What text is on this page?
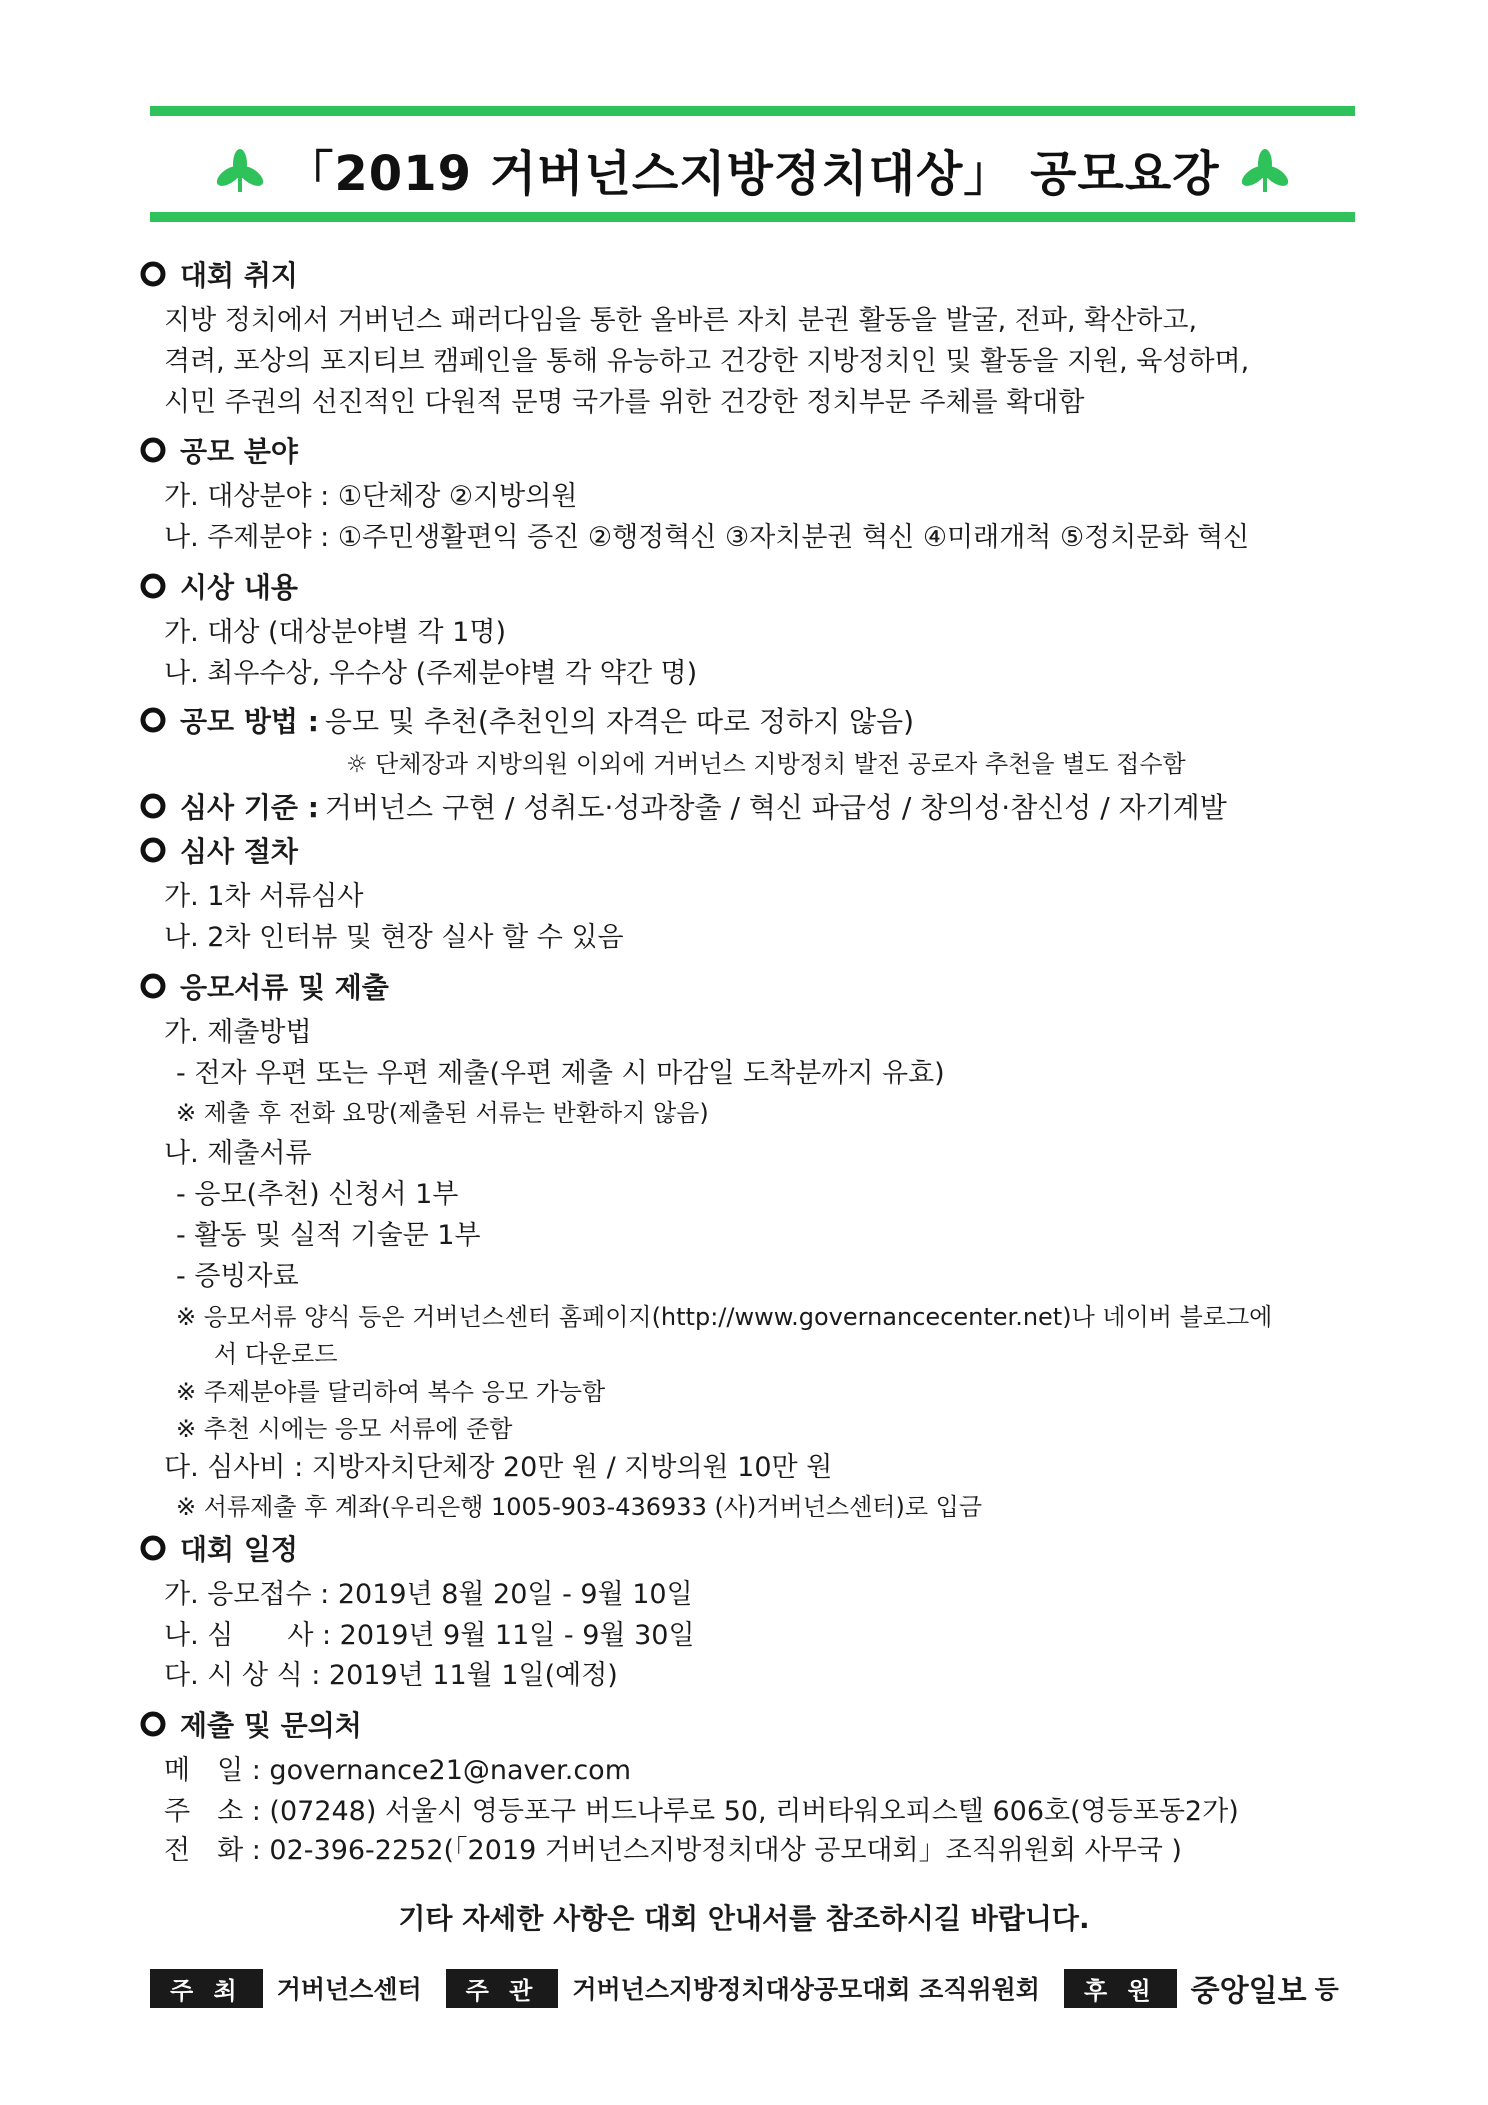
「2019 거버넌스지방정치대상」 공모요강
대회 취지
지방 정치에서 거버넌스 패러다임을 통한 올바른 자치 분권 활동을 발굴, 전파, 확산하고,
격려, 포상의 포지티브 캠페인을 통해 유능하고 건강한 지방정치인 및 활동을 지원, 육성하며,
시민 주권의 선진적인 다원적 문명 국가를 위한 건강한 정치부문 주체를 확대함
공모 분야
가. 대상분야 : ①단체장 ②지방의원
나. 주제분야 : ①주민생활편익 증진 ②행정혁신 ③자치분권 혁신 ④미래개척 ⑤정치문화 혁신
시상 내용
가. 대상 (대상분야별 각 1명)
나. 최우수상, 우수상 (주제분야별 각 약간 명)
공모 방법 : 응모 및 추천(추천인의 자격은 따로 정하지 않음)
☼ 단체장과 지방의원 이외에 거버넌스 지방정치 발전 공로자 추천을 별도 접수함
심사 기준 : 거버넌스 구현 / 성취도·성과창출 / 혁신 파급성 / 창의성·참신성 / 자기계발
심사 절차
가. 1차 서류심사
나. 2차 인터뷰 및 현장 실사 할 수 있음
응모서류 및 제출
가. 제출방법
- 전자 우편 또는 우편 제출(우편 제출 시 마감일 도착분까지 유효)
※ 제출 후 전화 요망(제출된 서류는 반환하지 않음)
나. 제출서류
- 응모(추천) 신청서 1부
- 활동 및 실적 기술문 1부
- 증빙자료
※ 응모서류 양식 등은 거버넌스센터 홈페이지(http://www.governancecenter.net)나 네이버 블로그에
서 다운로드
※ 주제분야를 달리하여 복수 응모 가능함
※ 추천 시에는 응모 서류에 준함
다. 심사비 : 지방자치단체장 20만 원 / 지방의원 10만 원
※ 서류제출 후 계좌(우리은행 1005-903-436933 (사)거버넌스센터)로 입금
대회 일정
가. 응모접수 : 2019년 8월 20일 - 9월 10일
나. 심　　사 : 2019년 9월 11일 - 9월 30일
다. 시 상 식 : 2019년 11월 1일(예정)
제출 및 문의처
메　일 : governance21@naver.com
주　소 : (07248) 서울시 영등포구 버드나루로 50, 리버타워오피스텔 606호(영등포동2가)
전　화 : 02-396-2252(「2019 거버넌스지방정치대상 공모대회」조직위원회 사무국 )
기타 자세한 사항은 대회 안내서를 참조하시길 바랍니다.
주 최	거버넌스센터	주 관	거버넌스지방정치대상공모대회 조직위원회	후 원	중앙일보 등
